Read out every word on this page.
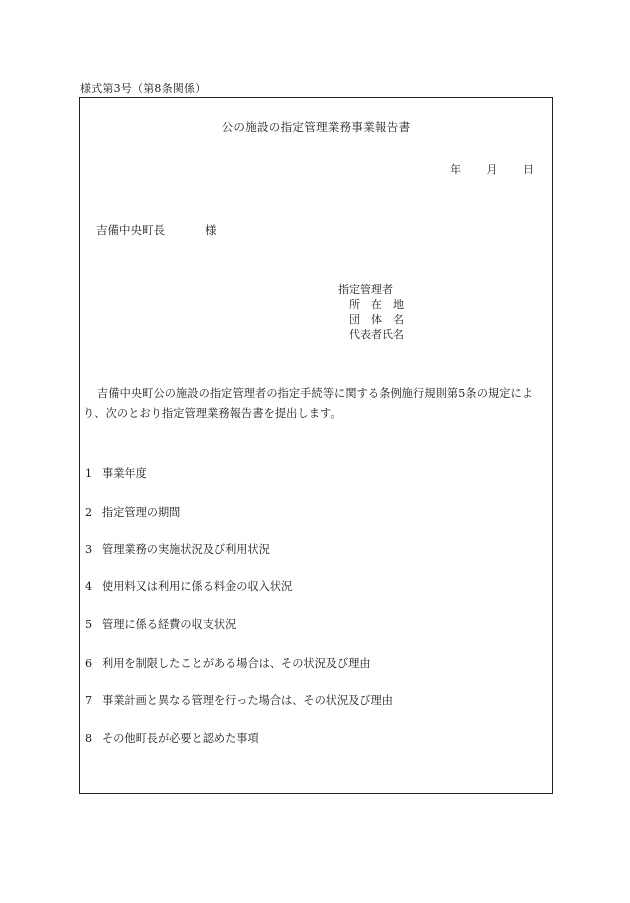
様式第3号（第8条関係）
公の施設の指定管理業務事業報告書
年 月 日
吉備中央町長	様
指定管理者
所　在　地
団　体　名
代表者氏名
吉備中央町公の施設の指定管理者の指定手続等に関する条例施行規則第5条の規定により、次のとおり指定管理業務報告書を提出します。
1 事業年度
2 指定管理の期間
3 管理業務の実施状況及び利用状況
4 使用料又は利用に係る料金の収入状況
5 管理に係る経費の収支状況
6 利用を制限したことがある場合は、その状況及び理由
7 事業計画と異なる管理を行った場合は、その状況及び理由
8 その他町長が必要と認めた事項
